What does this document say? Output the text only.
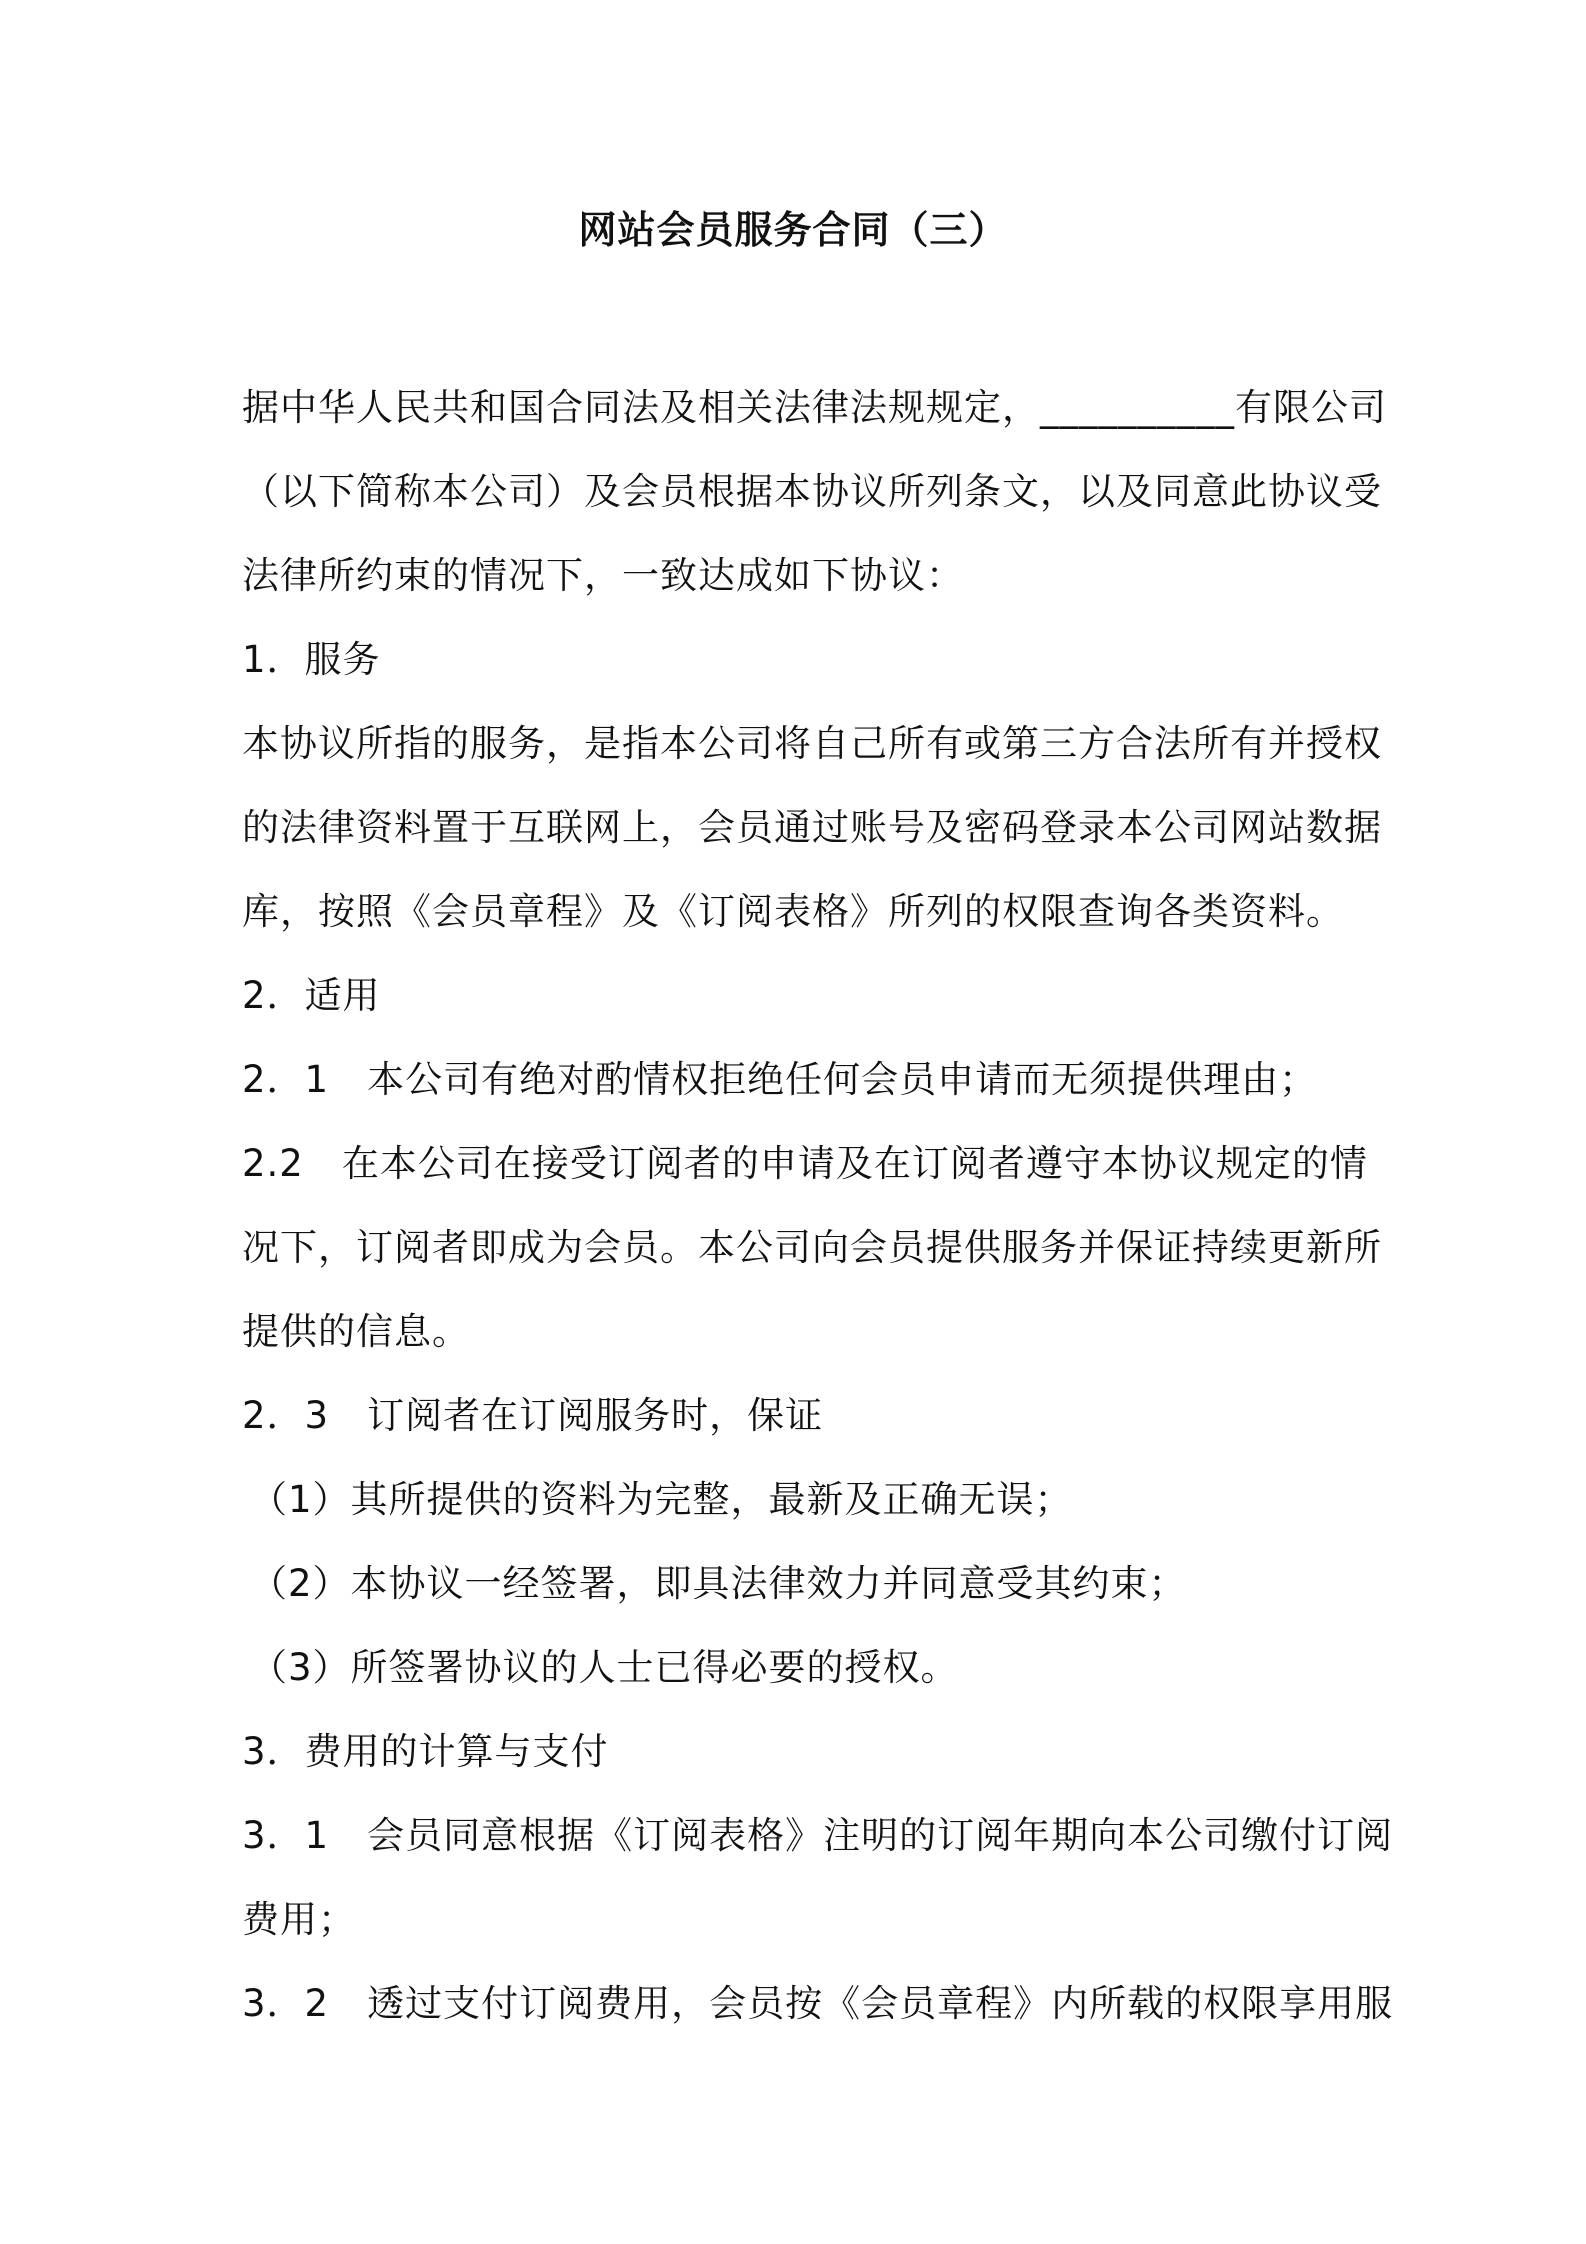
网站会员服务合同（三）
据中华人民共和国合同法及相关法律法规规定，__________有限公司
（以下简称本公司）及会员根据本协议所列条文，以及同意此协议受
法律所约束的情况下，一致达成如下协议：
1．服务
本协议所指的服务，是指本公司将自己所有或第三方合法所有并授权
的法律资料置于互联网上，会员通过账号及密码登录本公司网站数据
库，按照《会员章程》及《订阅表格》所列的权限查询各类资料。
2．适用
2．1　本公司有绝对酌情权拒绝任何会员申请而无须提供理由；
2.2　在本公司在接受订阅者的申请及在订阅者遵守本协议规定的情
况下，订阅者即成为会员。本公司向会员提供服务并保证持续更新所
提供的信息。
2．3　订阅者在订阅服务时，保证
（1）其所提供的资料为完整，最新及正确无误；
（2）本协议一经签署，即具法律效力并同意受其约束；
（3）所签署协议的人士已得必要的授权。
3．费用的计算与支付
3．1　会员同意根据《订阅表格》注明的订阅年期向本公司缴付订阅
费用；
3．2　透过支付订阅费用，会员按《会员章程》内所载的权限享用服
